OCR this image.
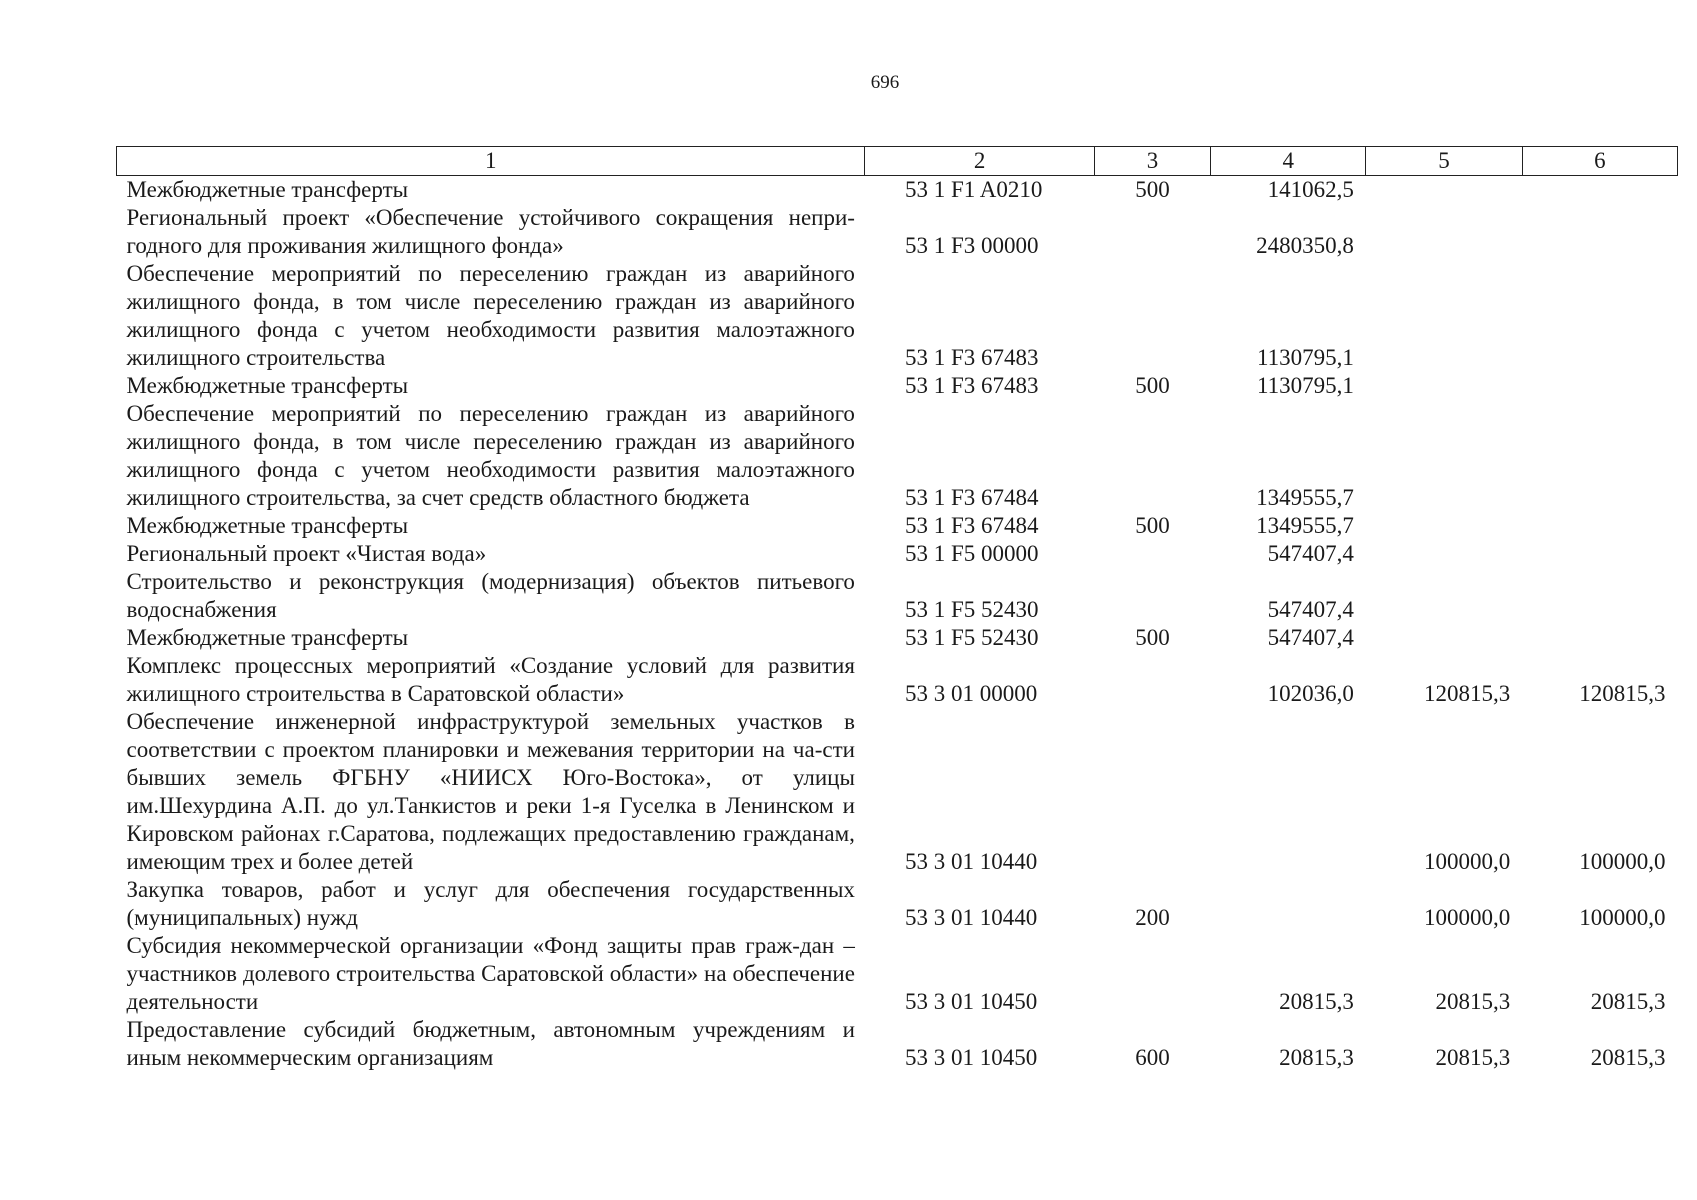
696
1	2	3	4	5	6
Межбюджетные трансферты	53 1 F1 A0210	500	141062,5		
Региональный проект «Обеспечение устойчивого сокращения непри-годного для проживания жилищного фонда»	53 1 F3 00000		2480350,8		
Обеспечение мероприятий по переселению граждан из аварийного жилищного фонда, в том числе переселению граждан из аварийного жилищного фонда с учетом необходимости развития малоэтажного жилищного строительства	53 1 F3 67483		1130795,1		
Межбюджетные трансферты	53 1 F3 67483	500	1130795,1		
Обеспечение мероприятий по переселению граждан из аварийного жилищного фонда, в том числе переселению граждан из аварийного жилищного фонда с учетом необходимости развития малоэтажного жилищного строительства, за счет средств областного бюджета	53 1 F3 67484		1349555,7		
Межбюджетные трансферты	53 1 F3 67484	500	1349555,7		
Региональный проект «Чистая вода»	53 1 F5 00000		547407,4		
Строительство и реконструкция (модернизация) объектов питьевого водоснабжения	53 1 F5 52430		547407,4		
Межбюджетные трансферты	53 1 F5 52430	500	547407,4		
Комплекс процессных мероприятий «Создание условий для развития жилищного строительства в Саратовской области»	53 3 01 00000		102036,0	120815,3	120815,3
Обеспечение инженерной инфраструктурой земельных участков в соответствии с проектом планировки и межевания территории на ча-сти бывших земель ФГБНУ «НИИСХ Юго-Востока», от улицы им.Шехурдина А.П. до ул.Танкистов и реки 1-я Гуселка в Ленинском и Кировском районах г.Саратова, подлежащих предоставлению гражданам, имеющим трех и более детей	53 3 01 10440			100000,0	100000,0
Закупка товаров, работ и услуг для обеспечения государственных (муниципальных) нужд	53 3 01 10440	200		100000,0	100000,0
Субсидия некоммерческой организации «Фонд защиты прав граж-дан – участников долевого строительства Саратовской области» на обеспечение деятельности	53 3 01 10450		20815,3	20815,3	20815,3
Предоставление субсидий бюджетным, автономным учреждениям и иным некоммерческим организациям	53 3 01 10450	600	20815,3	20815,3	20815,3
